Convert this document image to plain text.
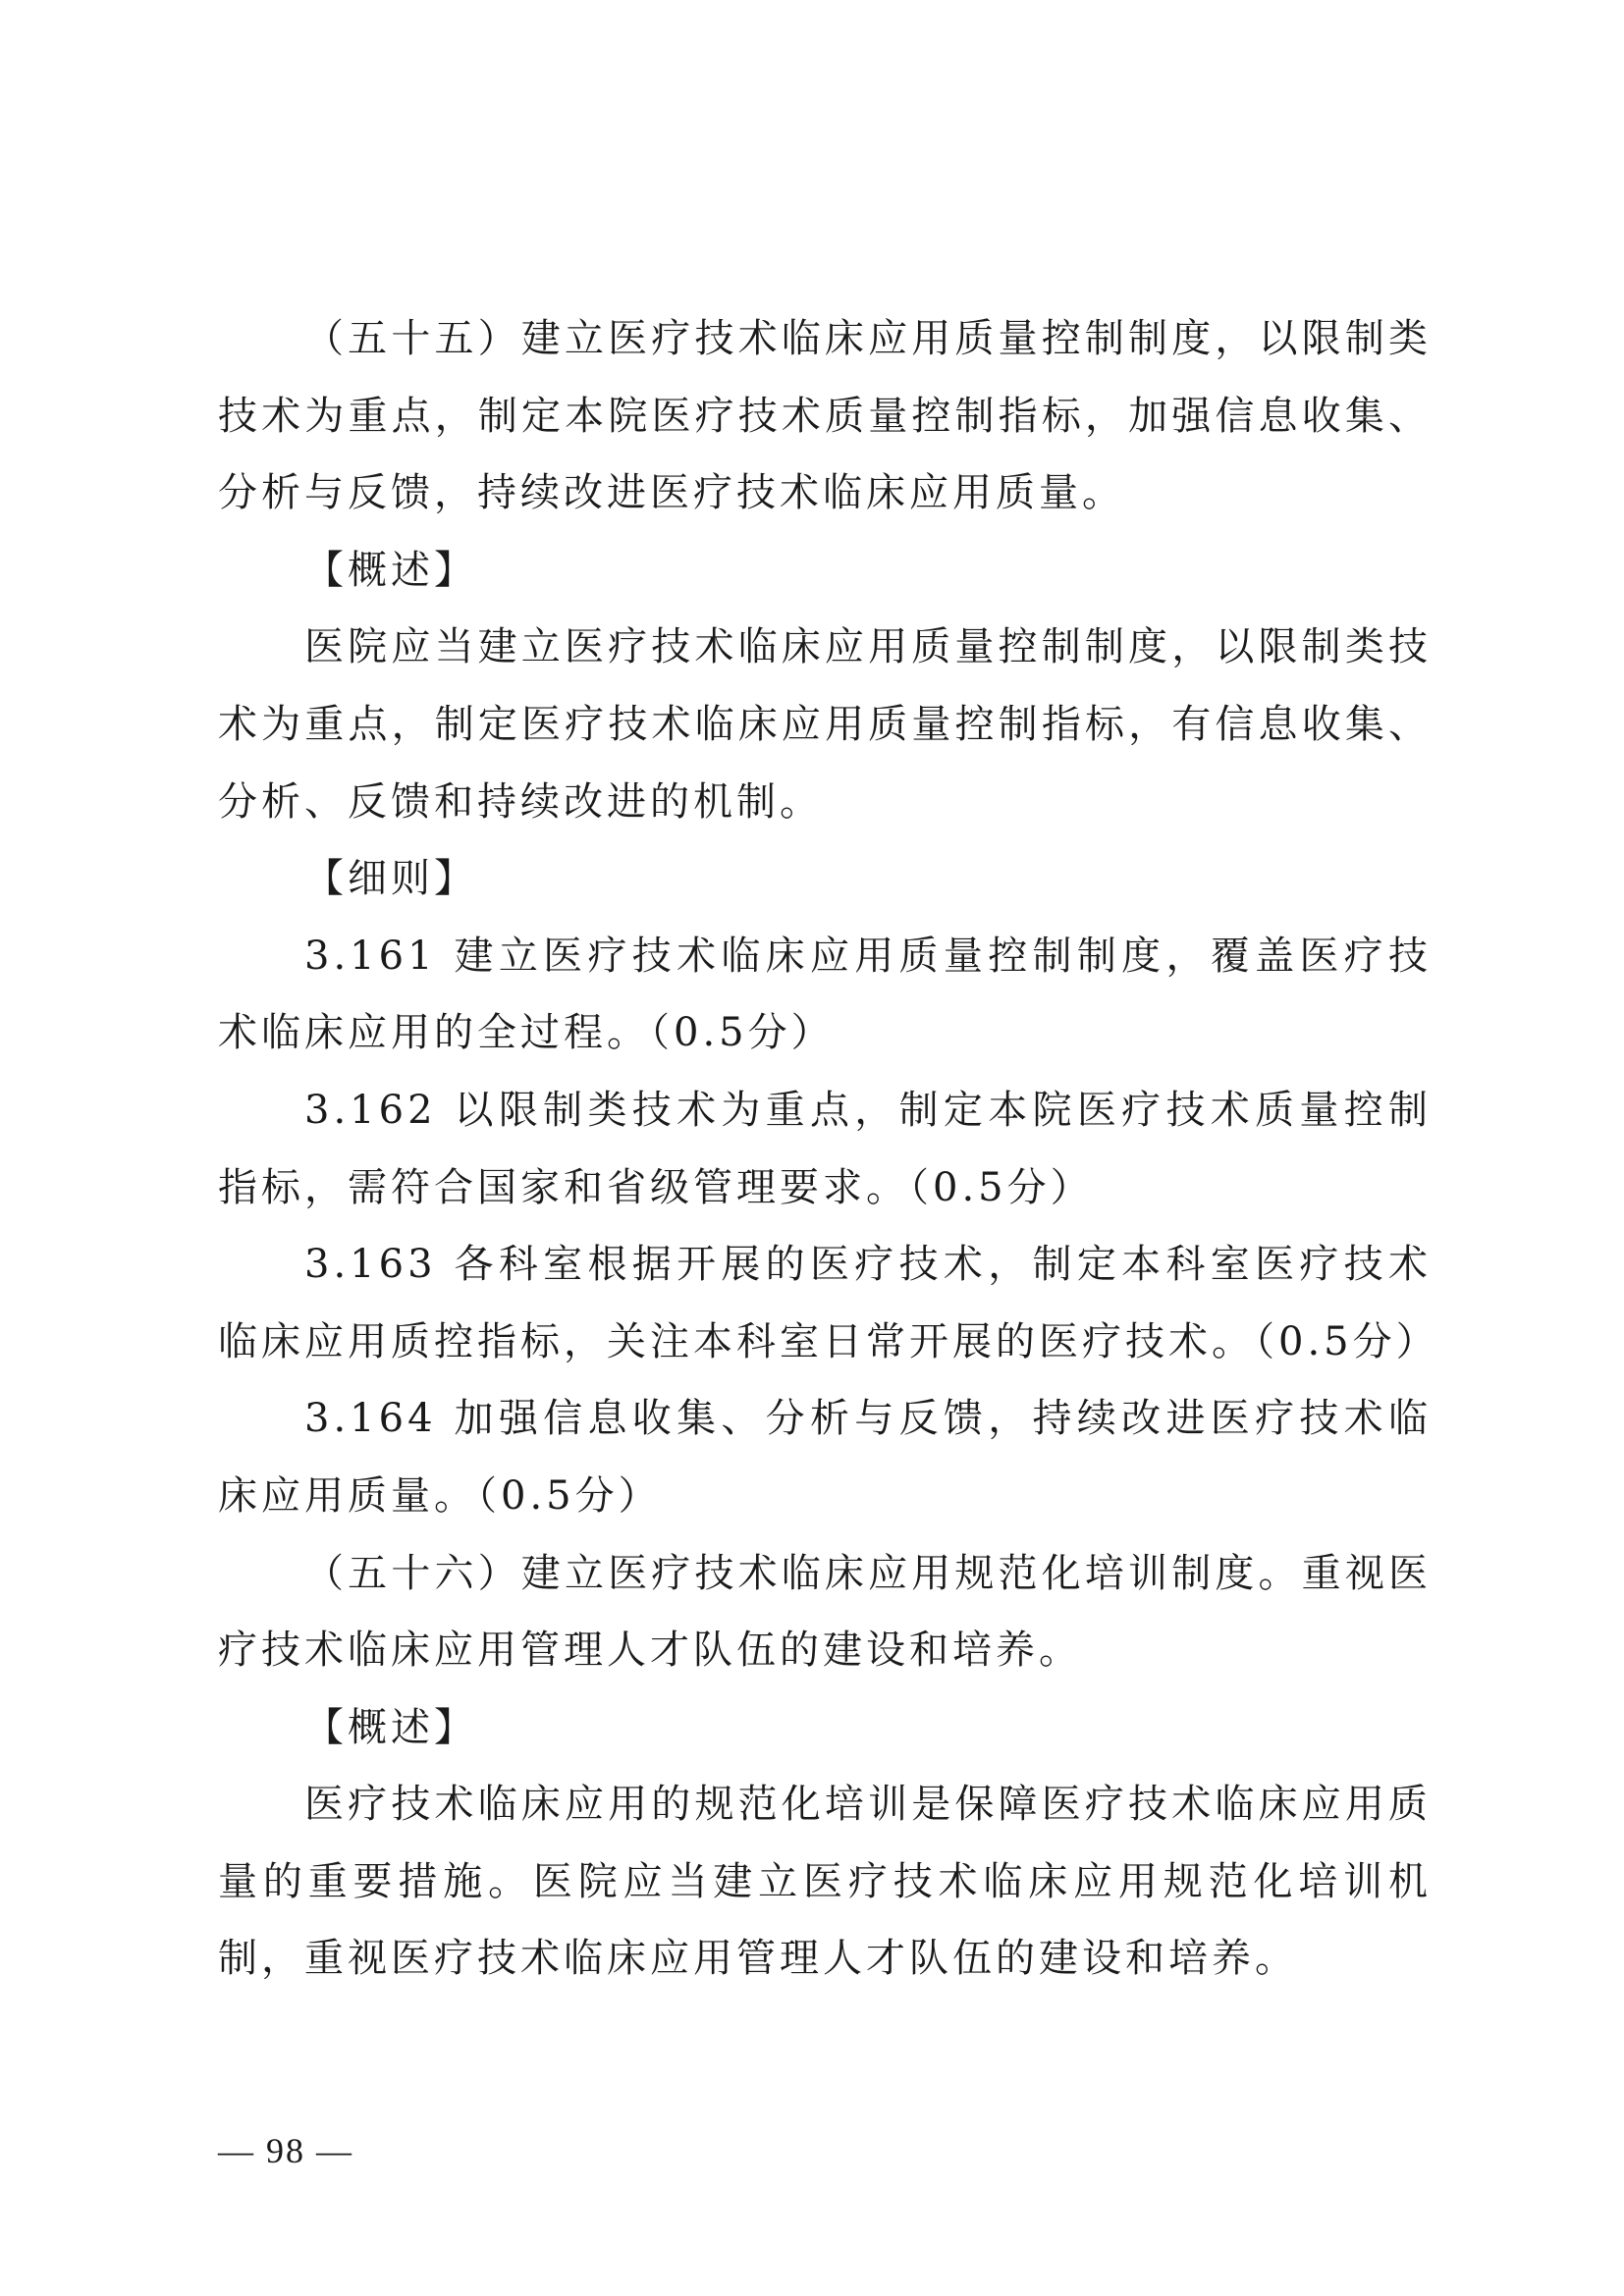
（五十五）建立医疗技术临床应用质量控制制度，以限制类技术为重点，制定本院医疗技术质量控制指标，加强信息收集、分析与反馈，持续改进医疗技术临床应用质量。

【概述】

医院应当建立医疗技术临床应用质量控制制度，以限制类技术为重点，制定医疗技术临床应用质量控制指标，有信息收集、分析、反馈和持续改进的机制。

【细则】

3.161 建立医疗技术临床应用质量控制制度，覆盖医疗技术临床应用的全过程。（0.5分）

3.162 以限制类技术为重点，制定本院医疗技术质量控制指标，需符合国家和省级管理要求。（0.5分）

3.163 各科室根据开展的医疗技术，制定本科室医疗技术临床应用质控指标，关注本科室日常开展的医疗技术。（0.5分）

3.164 加强信息收集、分析与反馈，持续改进医疗技术临床应用质量。（0.5分）

（五十六）建立医疗技术临床应用规范化培训制度。重视医疗技术临床应用管理人才队伍的建设和培养。

【概述】

医疗技术临床应用的规范化培训是保障医疗技术临床应用质量的重要措施。医院应当建立医疗技术临床应用规范化培训机制，重视医疗技术临床应用管理人才队伍的建设和培养。

— 98 —
